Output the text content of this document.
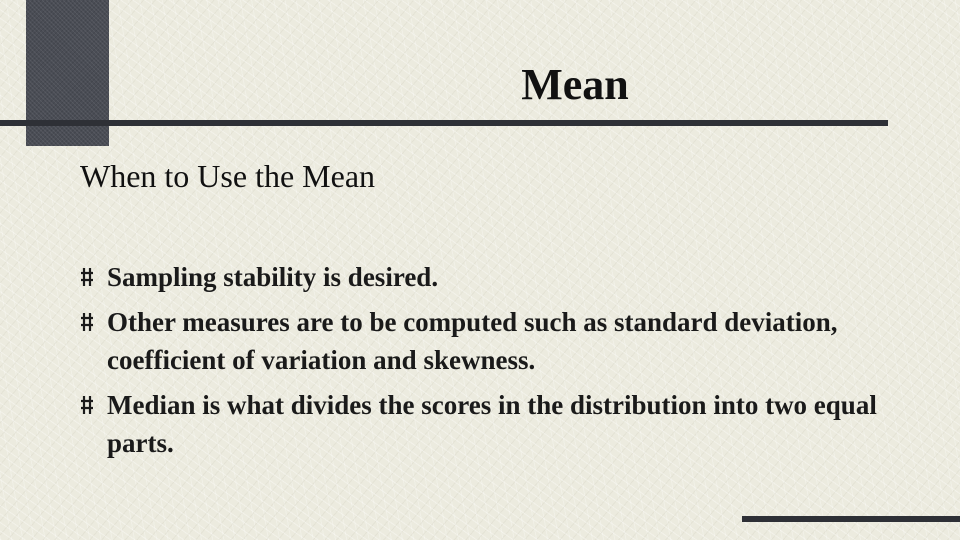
Mean
When to Use the Mean
Sampling stability is desired.
Other measures are to be computed such as standard deviation, coefficient of variation and skewness.
Median is what divides the scores in the distribution into two equal parts.
